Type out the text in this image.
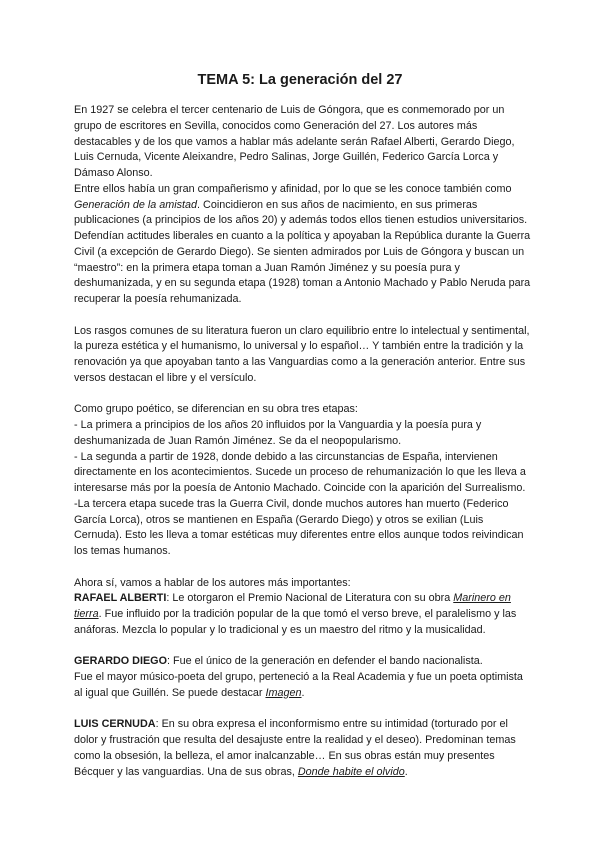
TEMA 5: La generación del 27

En 1927 se celebra el tercer centenario de Luis de Góngora, que es conmemorado por un grupo de escritores en Sevilla, conocidos como Generación del 27. Los autores más destacables y de los que vamos a hablar más adelante serán Rafael Alberti, Gerardo Diego, Luis Cernuda, Vicente Aleixandre, Pedro Salinas, Jorge Guillén, Federico García Lorca y Dámaso Alonso.

Entre ellos había un gran compañerismo y afinidad, por lo que se les conoce también como Generación de la amistad. Coincidieron en sus años de nacimiento, en sus primeras publicaciones (a principios de los años 20) y además todos ellos tienen estudios universitarios. Defendían actitudes liberales en cuanto a la política y apoyaban la República durante la Guerra Civil (a excepción de Gerardo Diego). Se sienten admirados por Luis de Góngora y buscan un “maestro”: en la primera etapa toman a Juan Ramón Jiménez y su poesía pura y deshumanizada, y en su segunda etapa (1928) toman a Antonio Machado y Pablo Neruda para recuperar la poesía rehumanizada.

Los rasgos comunes de su literatura fueron un claro equilibrio entre lo intelectual y sentimental, la pureza estética y el humanismo, lo universal y lo español… Y también entre la tradición y la renovación ya que apoyaban tanto a las Vanguardias como a la generación anterior. Entre sus versos destacan el libre y el versículo.

Como grupo poético, se diferencian en su obra tres etapas:

- La primera a principios de los años 20 influidos por la Vanguardia y la poesía pura y deshumanizada de Juan Ramón Jiménez. Se da el neopopularismo.

- La segunda a partir de 1928, donde debido a las circunstancias de España, intervienen directamente en los acontecimientos. Sucede un proceso de rehumanización lo que les lleva a interesarse más por la poesía de Antonio Machado. Coincide con la aparición del Surrealismo.

-La tercera etapa sucede tras la Guerra Civil, donde muchos autores han muerto (Federico García Lorca), otros se mantienen en España (Gerardo Diego) y otros se exilian (Luis Cernuda). Esto les lleva a tomar estéticas muy diferentes entre ellos aunque todos reivindican los temas humanos.

Ahora sí, vamos a hablar de los autores más importantes:

RAFAEL ALBERTI: Le otorgaron el Premio Nacional de Literatura con su obra Marinero en tierra. Fue influido por la tradición popular de la que tomó el verso breve, el paralelismo y las anáforas. Mezcla lo popular y lo tradicional y es un maestro del ritmo y la musicalidad.

GERARDO DIEGO: Fue el único de la generación en defender el bando nacionalista.
Fue el mayor músico-poeta del grupo, perteneció a la Real Academia y fue un poeta optimista al igual que Guillén. Se puede destacar Imagen.

LUIS CERNUDA: En su obra expresa el inconformismo entre su intimidad (torturado por el dolor y frustración que resulta del desajuste entre la realidad y el deseo). Predominan temas como la obsesión, la belleza, el amor inalcanzable… En sus obras están muy presentes Bécquer y las vanguardias. Una de sus obras, Donde habite el olvido.
